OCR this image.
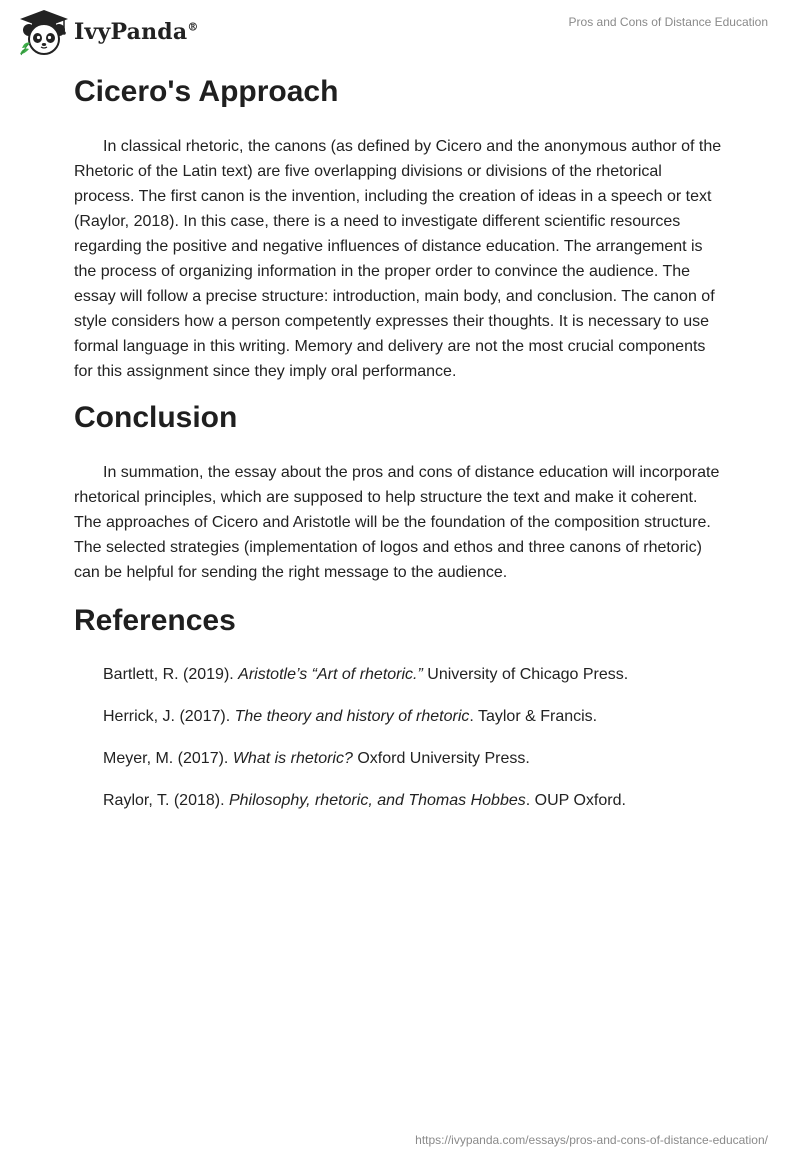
IvyPanda®	Pros and Cons of Distance Education
Cicero's Approach

In classical rhetoric, the canons (as defined by Cicero and the anonymous author of the Rhetoric of the Latin text) are five overlapping divisions or divisions of the rhetorical process. The first canon is the invention, including the creation of ideas in a speech or text (Raylor, 2018). In this case, there is a need to investigate different scientific resources regarding the positive and negative influences of distance education. The arrangement is the process of organizing information in the proper order to convince the audience. The essay will follow a precise structure: introduction, main body, and conclusion. The canon of style considers how a person competently expresses their thoughts. It is necessary to use formal language in this writing. Memory and delivery are not the most crucial components for this assignment since they imply oral performance.

Conclusion

In summation, the essay about the pros and cons of distance education will incorporate rhetorical principles, which are supposed to help structure the text and make it coherent. The approaches of Cicero and Aristotle will be the foundation of the composition structure. The selected strategies (implementation of logos and ethos and three canons of rhetoric) can be helpful for sending the right message to the audience.

References

Bartlett, R. (2019). Aristotle’s “Art of rhetoric.” University of Chicago Press.

Herrick, J. (2017). The theory and history of rhetoric. Taylor & Francis.

Meyer, M. (2017). What is rhetoric? Oxford University Press.

Raylor, T. (2018). Philosophy, rhetoric, and Thomas Hobbes. OUP Oxford.

https://ivypanda.com/essays/pros-and-cons-of-distance-education/
